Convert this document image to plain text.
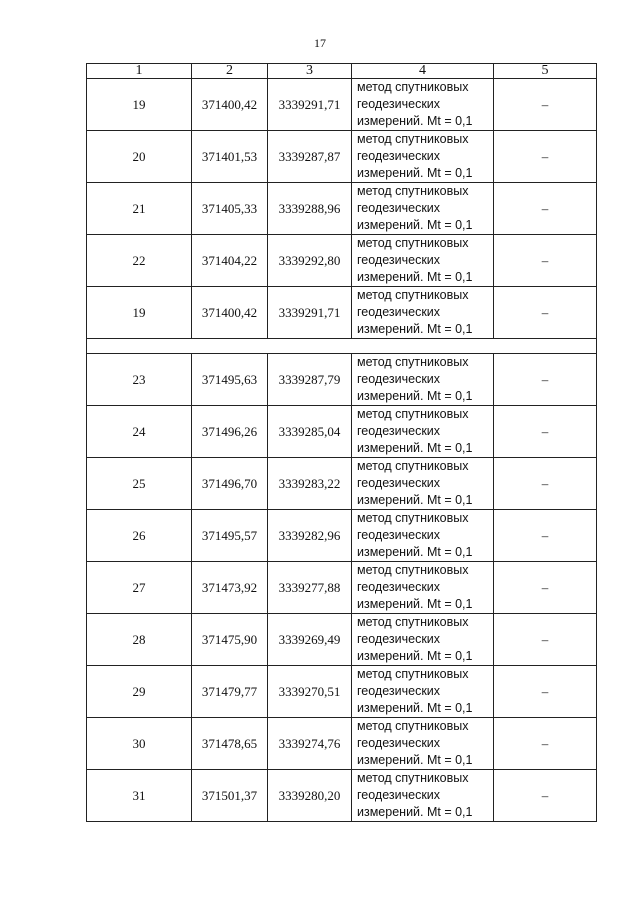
17
1	2	3	4	5
19	371400,42	3339291,71	метод спутниковых
геодезических
измерений. Mt = 0,1	–
20	371401,53	3339287,87	метод спутниковых
геодезических
измерений. Mt = 0,1	–
21	371405,33	3339288,96	метод спутниковых
геодезических
измерений. Mt = 0,1	–
22	371404,22	3339292,80	метод спутниковых
геодезических
измерений. Mt = 0,1	–
19	371400,42	3339291,71	метод спутниковых
геодезических
измерений. Mt = 0,1	–

23	371495,63	3339287,79	метод спутниковых
геодезических
измерений. Mt = 0,1	–
24	371496,26	3339285,04	метод спутниковых
геодезических
измерений. Mt = 0,1	–
25	371496,70	3339283,22	метод спутниковых
геодезических
измерений. Mt = 0,1	–
26	371495,57	3339282,96	метод спутниковых
геодезических
измерений. Mt = 0,1	–
27	371473,92	3339277,88	метод спутниковых
геодезических
измерений. Mt = 0,1	–
28	371475,90	3339269,49	метод спутниковых
геодезических
измерений. Mt = 0,1	–
29	371479,77	3339270,51	метод спутниковых
геодезических
измерений. Mt = 0,1	–
30	371478,65	3339274,76	метод спутниковых
геодезических
измерений. Mt = 0,1	–
31	371501,37	3339280,20	метод спутниковых
геодезических
измерений. Mt = 0,1	–
